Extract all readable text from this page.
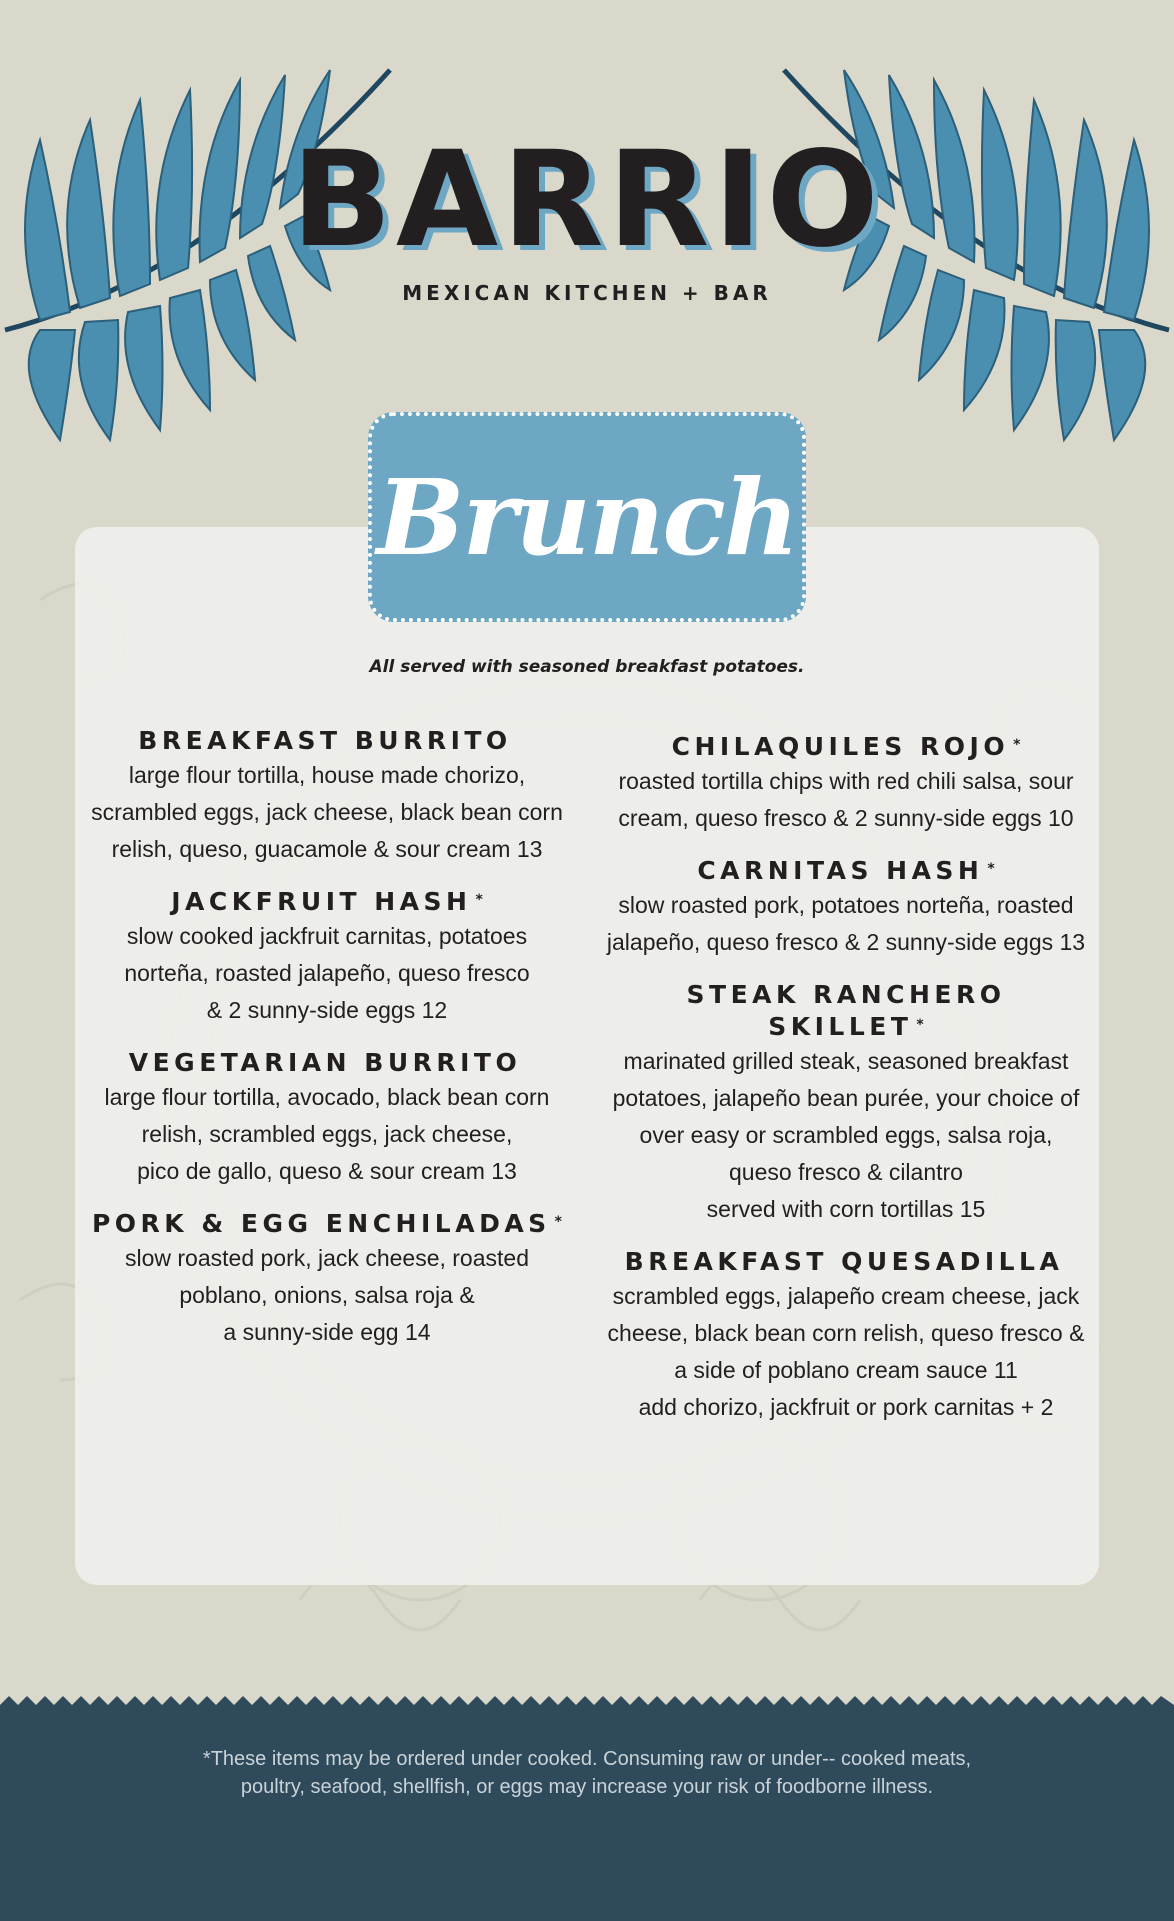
BARRIO
MEXICAN KITCHEN + BAR
Brunch
All served with seasoned breakfast potatoes.
BREAKFAST BURRITO
large flour tortilla, house made chorizo,
scrambled eggs, jack cheese, black bean corn
relish, queso, guacamole & sour cream 13
JACKFRUIT HASH *
slow cooked jackfruit carnitas, potatoes
norteña, roasted jalapeño, queso fresco
& 2 sunny-side eggs 12
VEGETARIAN BURRITO
large flour tortilla, avocado, black bean corn
relish, scrambled eggs, jack cheese,
pico de gallo, queso & sour cream 13
PORK & EGG ENCHILADAS *
slow roasted pork, jack cheese, roasted
poblano, onions, salsa roja &
a sunny-side egg 14
CHILAQUILES ROJO *
roasted tortilla chips with red chili salsa, sour
cream, queso fresco & 2 sunny-side eggs 10
CARNITAS HASH *
slow roasted pork, potatoes norteña, roasted
jalapeño, queso fresco & 2 sunny-side eggs 13
STEAK RANCHERO SKILLET *
marinated grilled steak, seasoned breakfast
potatoes, jalapeño bean purée, your choice of
over easy or scrambled eggs, salsa roja,
queso fresco & cilantro
served with corn tortillas 15
BREAKFAST QUESADILLA
scrambled eggs, jalapeño cream cheese, jack
cheese, black bean corn relish, queso fresco &
a side of poblano cream sauce 11
add chorizo, jackfruit or pork carnitas + 2
*These items may be ordered under cooked. Consuming raw or under-- cooked meats,
poultry, seafood, shellfish, or eggs may increase your risk of foodborne illness.
